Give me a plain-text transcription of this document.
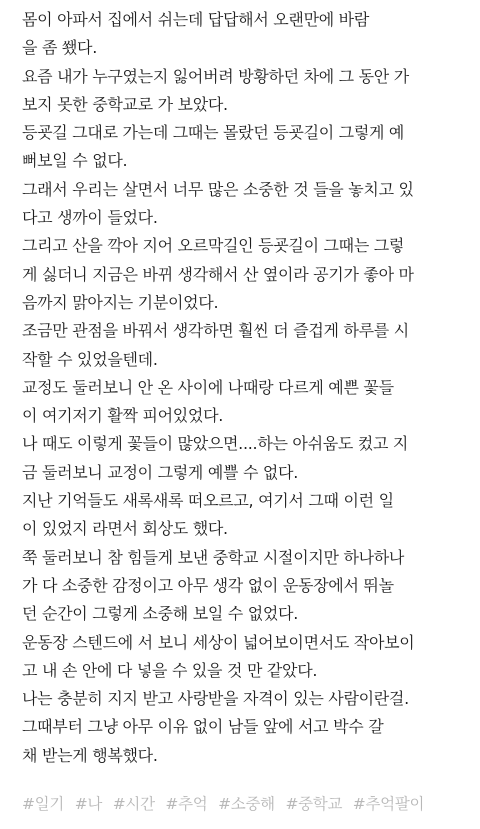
몸이 아파서 집에서 쉬는데 답답해서 오랜만에 바람
을 좀 쐤다.

요즘 내가 누구였는지 잃어버려 방황하던 차에 그 동안 가
보지 못한 중학교로 가 보았다.

등굣길 그대로 가는데 그때는 몰랐던 등굣길이 그렇게 예
뻐보일 수 없다.

그래서 우리는 살면서 너무 많은 소중한 것 들을 놓치고 있
다고 생까이 들었다.

그리고 산을 깍아 지어 오르막길인 등굣길이 그때는 그렇
게 싫더니 지금은 바뀌 생각해서 산 옆이라 공기가 좋아 마
음까지 맑아지는 기분이었다.

조금만 관점을 바꿔서 생각하면 훨씬 더 즐겁게 하루를 시
작할 수 있었을텐데.

교정도 둘러보니 안 온 사이에 나때랑 다르게 예쁜 꽃들
이 여기저기 활짝 피어있었다.

나 때도 이렇게 꽃들이 많았으면....하는 아쉬움도 컸고 지
금 둘러보니 교정이 그렇게 예쁠 수 없다.

지난 기억들도 새록새록 떠오르고, 여기서 그때 이런 일
이 있었지 라면서 회상도 했다.

쭉 둘러보니 참 힘들게 보낸 중학교 시절이지만 하나하나
가 다 소중한 감정이고 아무 생각 없이 운동장에서 뛰놀
던 순간이 그렇게 소중해 보일 수 없었다.

운동장 스텐드에 서 보니 세상이 넓어보이면서도 작아보이
고 내 손 안에 다 넣을 수 있을 것 만 같았다.

나는 충분히 지지 받고 사랑받을 자격이 있는 사람이란걸.

그때부터 그냥 아무 이유 없이 남들 앞에 서고 박수 갈
채 받는게 행복했다.

#일기 #나 #시간 #추억 #소중해 #중학교 #추억팔이
